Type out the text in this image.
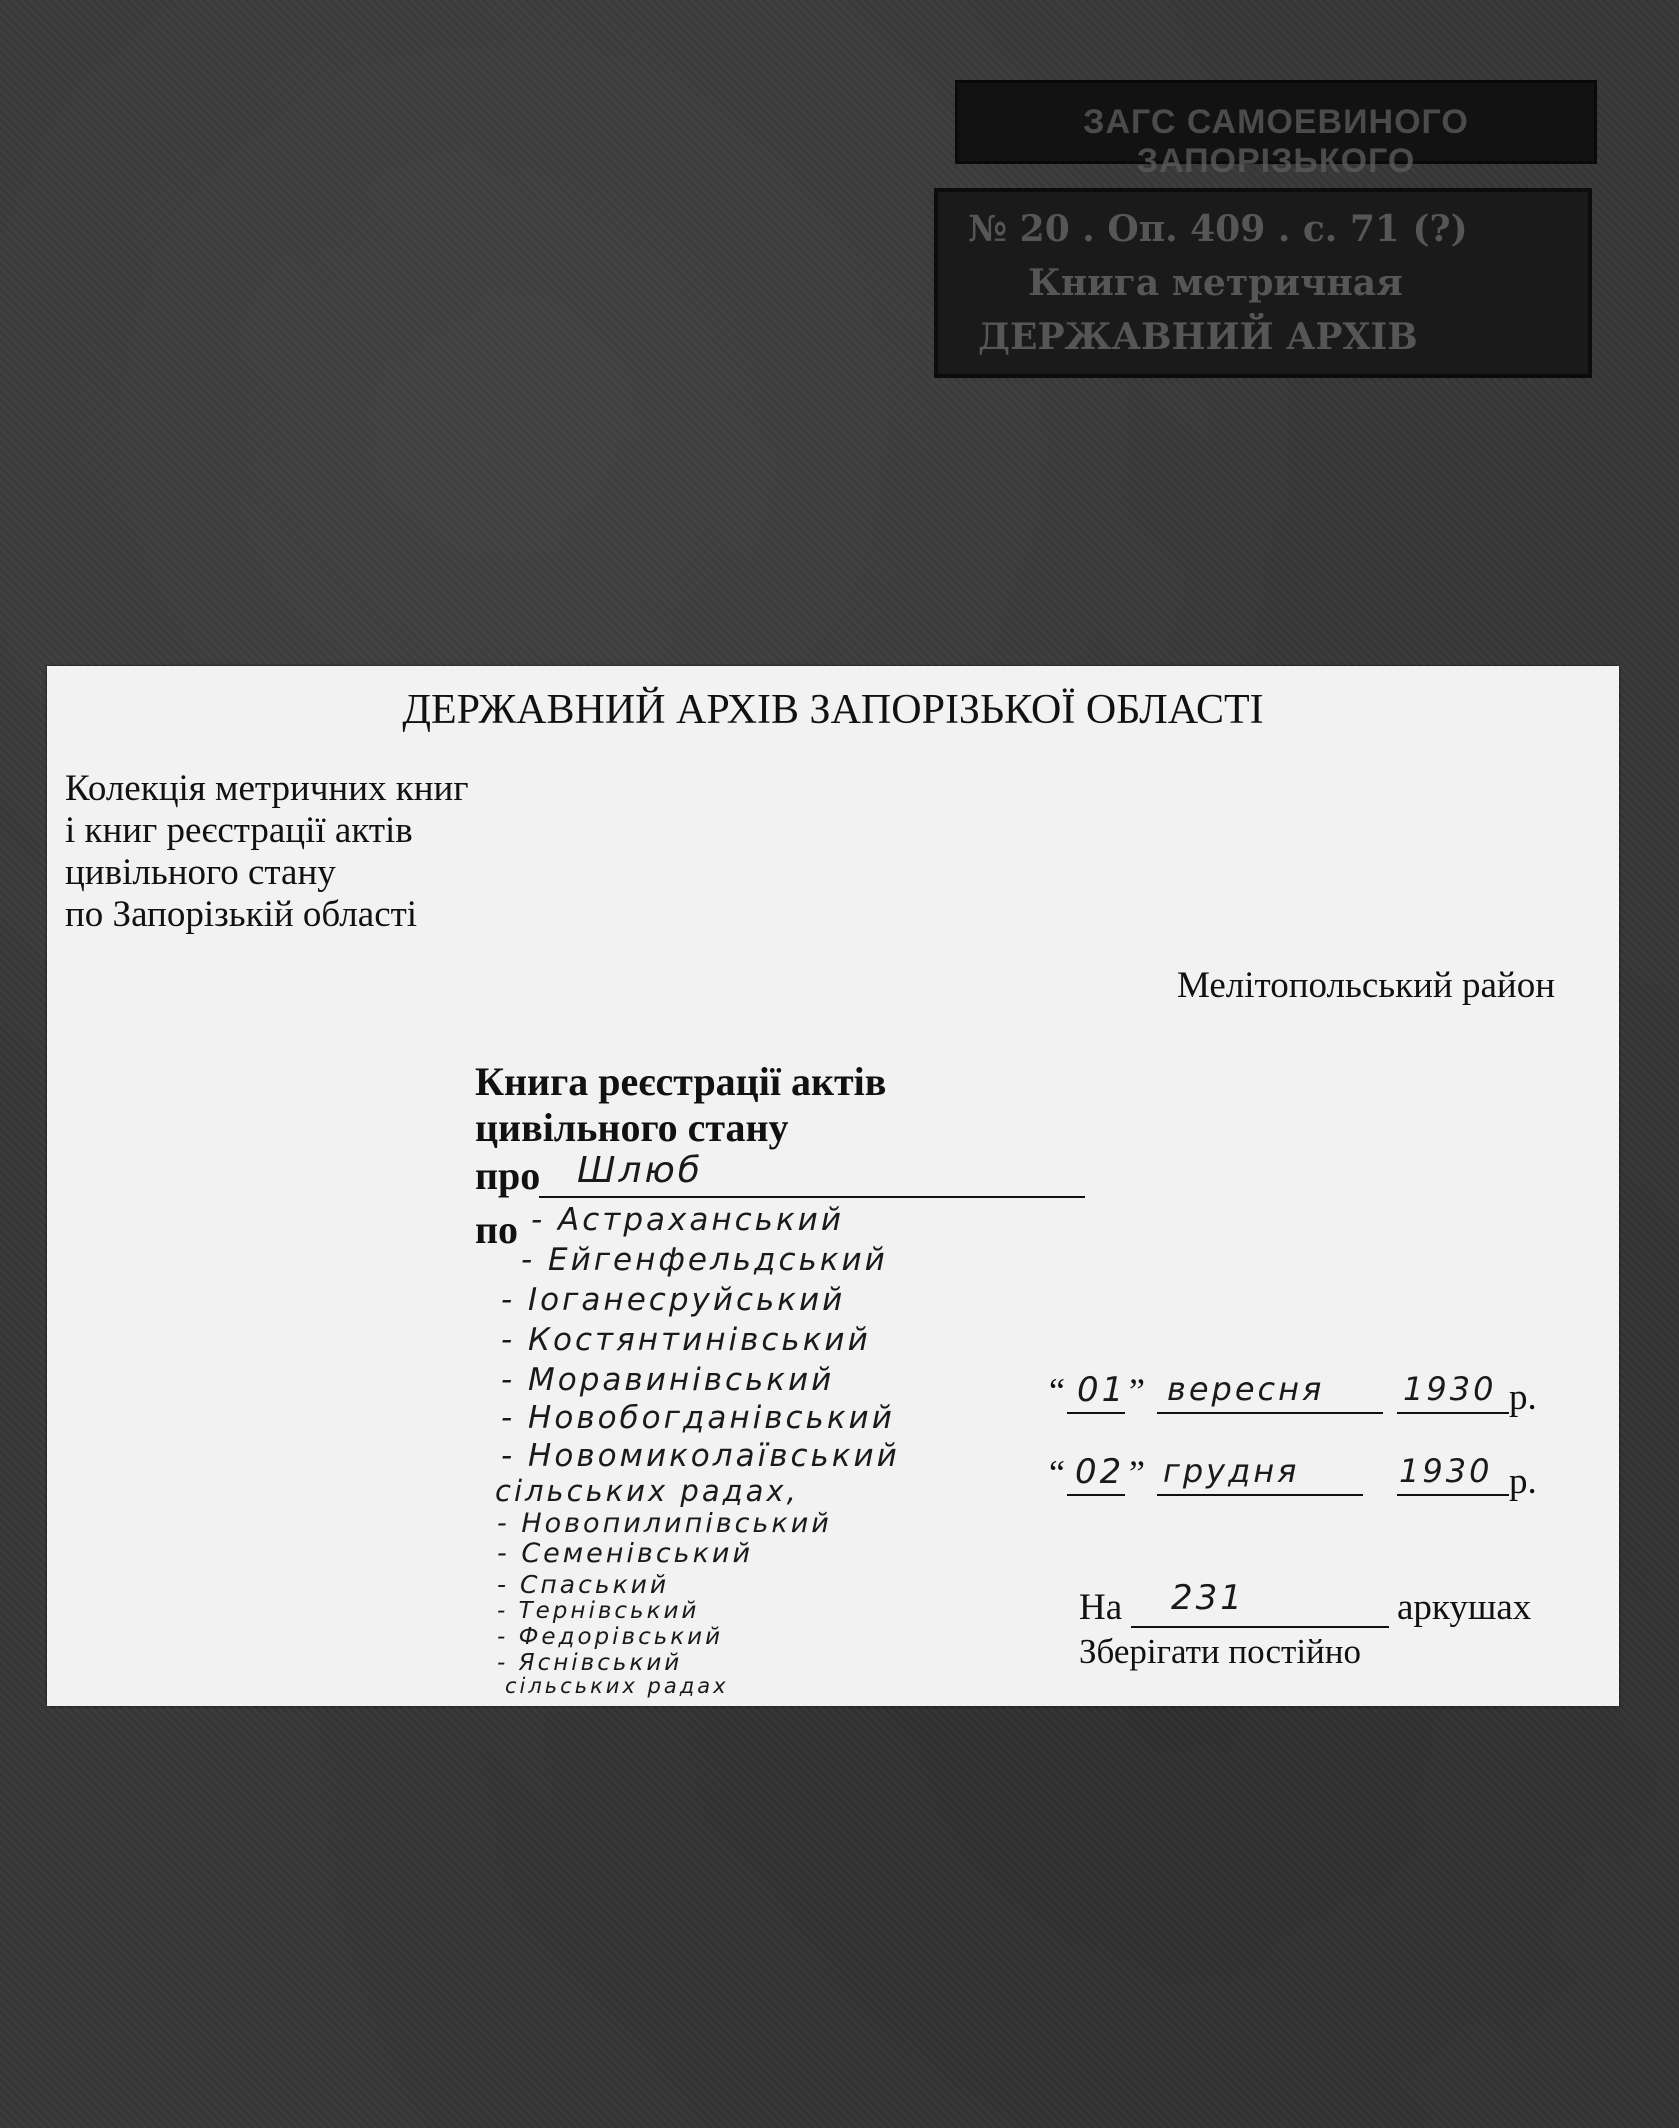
ЗАГС САМОЕВИНОГО ЗАПОРІЗЬКОГО
№ 20 . Оп. 409 . с. 71 (?)
Книга метричная
ДЕРЖАВНИЙ АРХІВ
ДЕРЖАВНИЙ АРХІВ ЗАПОРІЗЬКОЇ ОБЛАСТІ
Колекція метричних книг
і книг реєстрації актів
цивільного стану
по Запорізькій області
Мелітопольський район
Книга реєстрації актів
цивільного стану
про Шлюб
по - Астраханський
- Ейгенфельдський
- Іоганесруйський
- Костянтинівський
- Моравинівський
- Новобогданівський
- Новомиколаївський
сільських радах,
- Новопилипівський
- Семенівський
- Спаський
- Тернівський
- Федорівський
- Яснівський
сільських радах
“ 01 ” вересня 1930 р.
“ 02 ” грудня	1930 р.
На 231	аркушах
Зберігати постійно
